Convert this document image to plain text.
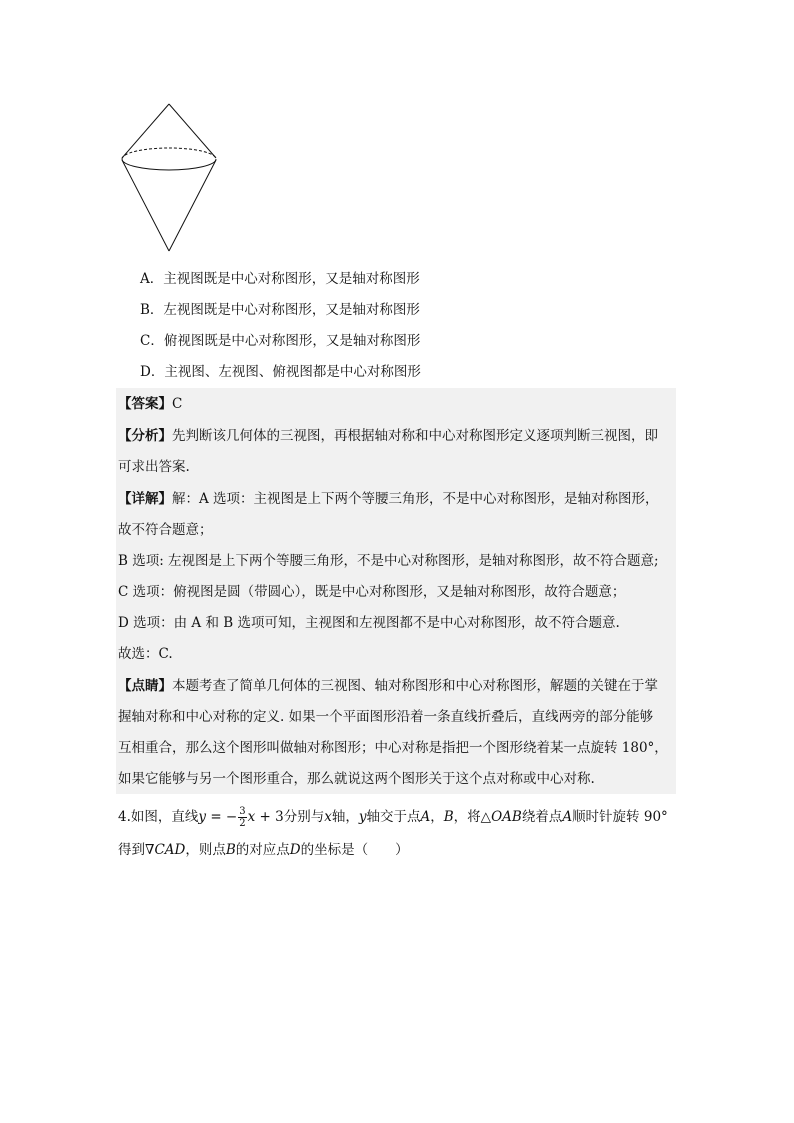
A．主视图既是中心对称图形，又是轴对称图形
B．左视图既是中心对称图形，又是轴对称图形
C．俯视图既是中心对称图形，又是轴对称图形
D．主视图、左视图、俯视图都是中心对称图形
【答案】C
【分析】先判断该几何体的三视图，再根据轴对称和中心对称图形定义逐项判断三视图，即
可求出答案.
【详解】解：A 选项：主视图是上下两个等腰三角形，不是中心对称图形，是轴对称图形，
故不符合题意；
B 选项: 左视图是上下两个等腰三角形，不是中心对称图形，是轴对称图形，故不符合题意;
C 选项：俯视图是圆（带圆心），既是中心对称图形，又是轴对称图形，故符合题意；
D 选项：由 A 和 B 选项可知，主视图和左视图都不是中心对称图形，故不符合题意.
故选：C.
【点睛】本题考查了简单几何体的三视图、轴对称图形和中心对称图形，解题的关键在于掌
握轴对称和中心对称的定义. 如果一个平面图形沿着一条直线折叠后，直线两旁的部分能够
互相重合，那么这个图形叫做轴对称图形；中心对称是指把一个图形绕着某一点旋转 180°，
如果它能够与另一个图形重合，那么就说这两个图形关于这个点对称或中心对称.
4.如图，直线y = − $\frac{3}{2}$ x + 3分别与x轴，y轴交于点A，B，将△OAB绕着点A顺时针旋转 90°
得到∇CAD，则点B的对应点D的坐标是（　　）
